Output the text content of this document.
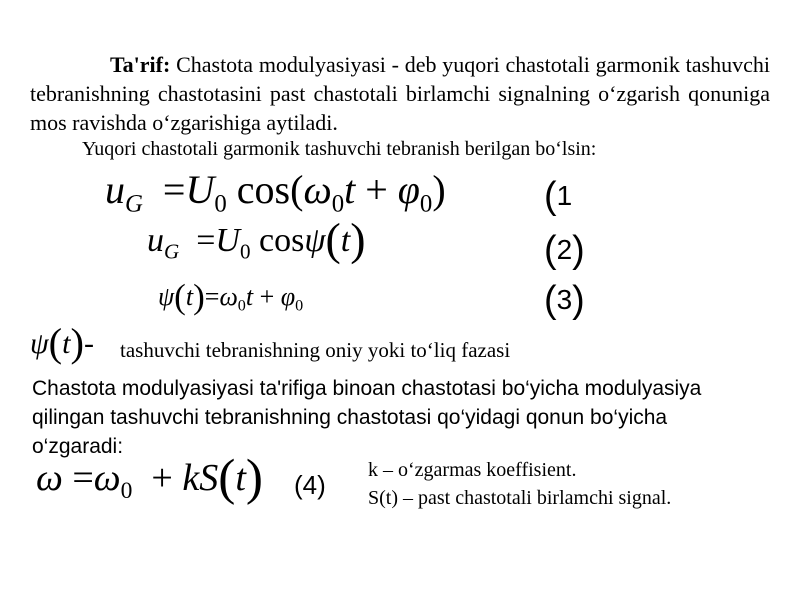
Ta'rif: Chastota modulyasiyasi - deb yuqori chastotali garmonik tashuvchi tebranishning chastotasini past chastotali birlamchi signalning o‘zgarish qonuniga mos ravishda o‘zgarishiga aytiladi.
Yuqori chastotali garmonik tashuvchi tebranish berilgan bo‘lsin:
$u_G =U_0$ $\cos(\omega_0t + \varphi_0)$	(1
$u_G =U_0$ cosψ(t)	(2)
$\psi(t)=\omega_0t + \varphi_0$	(3)
ψ(t)- tashuvchi tebranishning oniy yoki to‘liq fazasi
Chastota modulyasiyasi ta'rifiga binoan chastotasi bo‘yicha modulyasiya
qilingan tashuvchi tebranishning chastotasi qo‘yidagi qonun bo‘yicha
o‘zgaradi:
$\omega =\omega_0 + kS(t)$ (4) k – o‘zgarmas koeffisient.
S(t) – past chastotali birlamchi signal.
